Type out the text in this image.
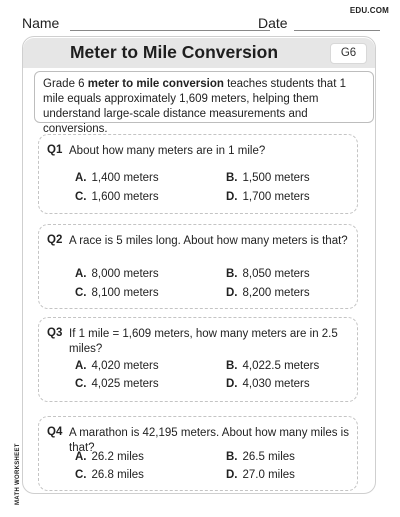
EDU.COM
Name	Date
Meter to Mile Conversion	G6
Grade 6 meter to mile conversion teaches students that 1 mile equals approximately 1,609 meters, helping them understand large-scale distance measurements and conversions.
Q1 About how many meters are in 1 mile?
A. 1,400 meters	B. 1,500 meters
C. 1,600 meters	D. 1,700 meters
Q2 A race is 5 miles long. About how many meters is that?
A. 8,000 meters	B. 8,050 meters
C. 8,100 meters	D. 8,200 meters
Q3 If 1 mile = 1,609 meters, how many meters are in 2.5 miles?
A. 4,020 meters	B. 4,022.5 meters
C. 4,025 meters	D. 4,030 meters
Q4 A marathon is 42,195 meters. About how many miles is that?
A. 26.2 miles	B. 26.5 miles
C. 26.8 miles	D. 27.0 miles
MATH WORKSHEET
